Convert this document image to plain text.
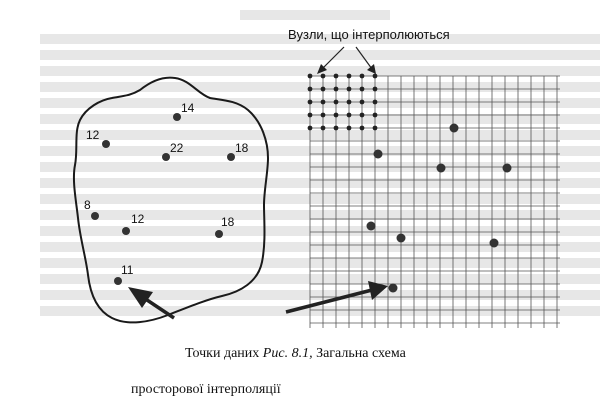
14
12
22	18
8
12	18
11
Вузли, що інтерполюються

Точки даних Рис. 8.1, Загальна схема

просторової інтерполяції
